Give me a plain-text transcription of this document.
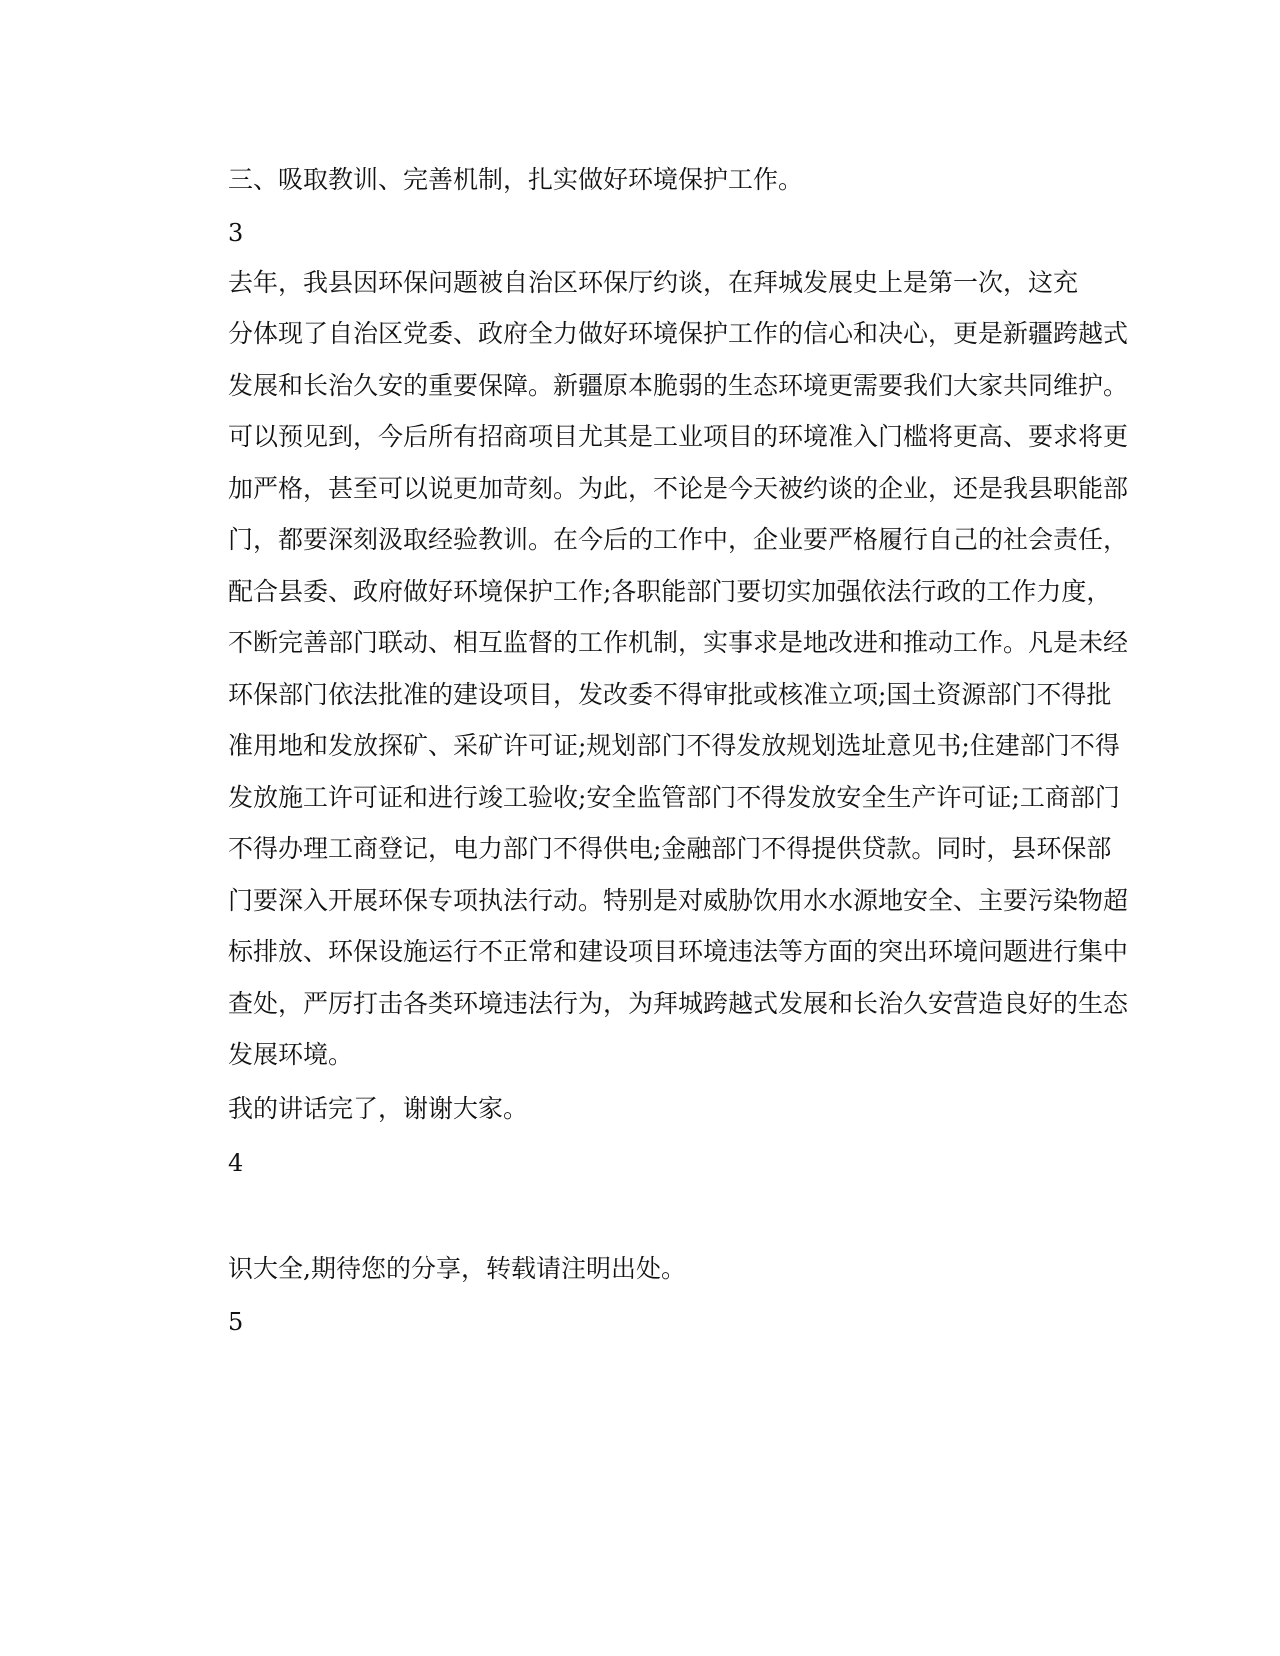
三、吸取教训、完善机制，扎实做好环境保护工作。
3
去年，我县因环保问题被自治区环保厅约谈，在拜城发展史上是第一次，这充
分体现了自治区党委、政府全力做好环境保护工作的信心和决心，更是新疆跨越式
发展和长治久安的重要保障。新疆原本脆弱的生态环境更需要我们大家共同维护。
可以预见到，今后所有招商项目尤其是工业项目的环境准入门槛将更高、要求将更
加严格，甚至可以说更加苛刻。为此，不论是今天被约谈的企业，还是我县职能部
门，都要深刻汲取经验教训。在今后的工作中，企业要严格履行自己的社会责任，
配合县委、政府做好环境保护工作;各职能部门要切实加强依法行政的工作力度，
不断完善部门联动、相互监督的工作机制，实事求是地改进和推动工作。凡是未经
环保部门依法批准的建设项目，发改委不得审批或核准立项;国土资源部门不得批
准用地和发放探矿、采矿许可证;规划部门不得发放规划选址意见书;住建部门不得
发放施工许可证和进行竣工验收;安全监管部门不得发放安全生产许可证;工商部门
不得办理工商登记，电力部门不得供电;金融部门不得提供贷款。同时，县环保部
门要深入开展环保专项执法行动。特别是对威胁饮用水水源地安全、主要污染物超
标排放、环保设施运行不正常和建设项目环境违法等方面的突出环境问题进行集中
查处，严厉打击各类环境违法行为，为拜城跨越式发展和长治久安营造良好的生态
发展环境。
我的讲话完了，谢谢大家。
4
识大全,期待您的分享，转载请注明出处。
5
